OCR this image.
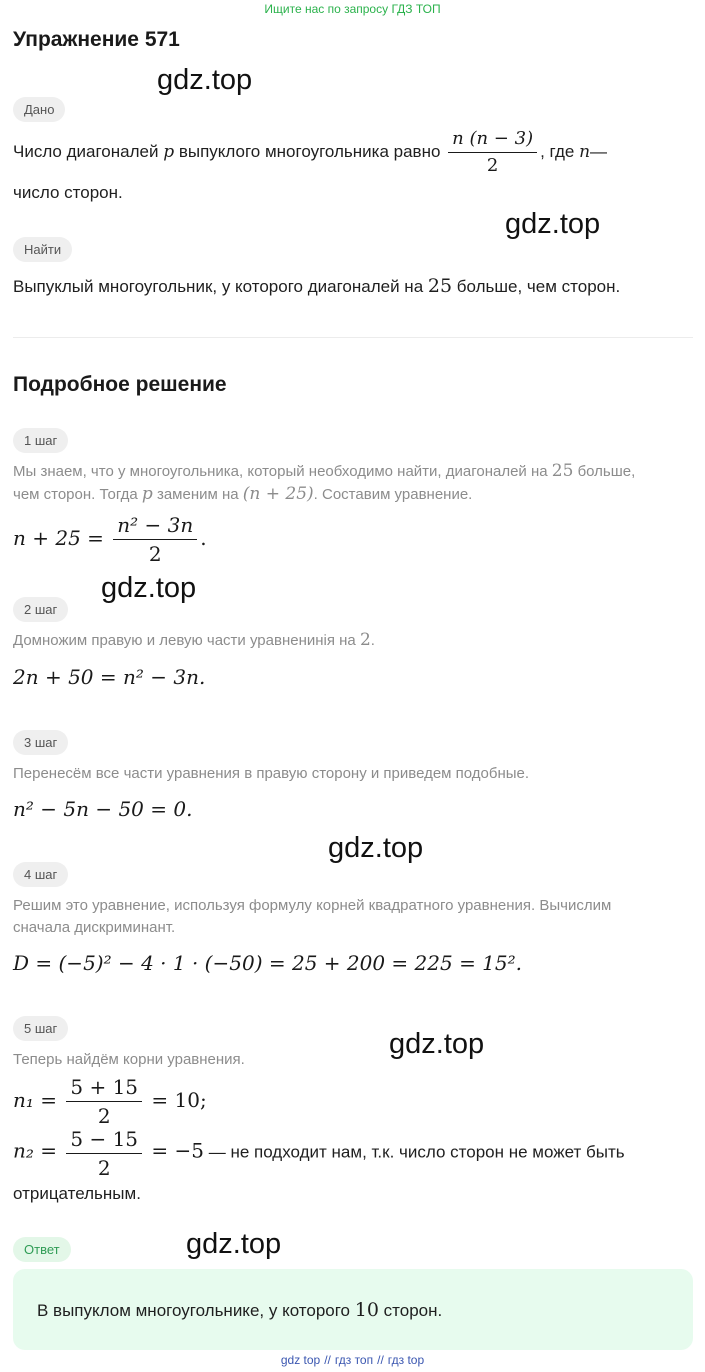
Ищите нас по запросу ГДЗ ТОП
Упражнение 571
gdz.top
Дано
Число диагоналей p выпуклого многоугольника равно $\frac{n (n - 3)}{2}$ , где n—
число сторон.
gdz.top
Найти
Выпуклый многоугольник, у которого диагоналей на 25 больше, чем сторон.
Подробное решение
1 шаг
Мы знаем, что у многоугольника, который необходимо найти, диагоналей на 25 больше,
чем сторон. Тогда p заменим на (n + 25). Составим уравнение.
$n + 25 = \frac{\text{n² − 3n}}{2}$ .
gdz.top
2 шаг
Домножим правую и левую части уравненинія на 2.
2n + 50 = n² − 3n.
3 шаг
Перенесём все части уравнения в правую сторону и приведем подобные.
n² − 5n − 50 = 0.
gdz.top
4 шаг
Решим это уравнение, используя формулу корней квадратного уравнения. Вычислим
сначала дискриминант.
D = (−5)² − 4 · 1 · (−50) = 25 + 200 = 225 = 15².
5 шаг	gdz.top
Теперь найдём корни уравнения.
$n_1 = \frac{5 + 15}{2} = 10$;
$n_2 = \frac{5 - 15}{2} = -5$ — не подходит нам, т.к. число сторон не может быть
отрицательным.
Ответ	gdz.top
В выпуклом многоугольнике, у которого 10 сторон.
gdz top // гдз топ // гдз top
